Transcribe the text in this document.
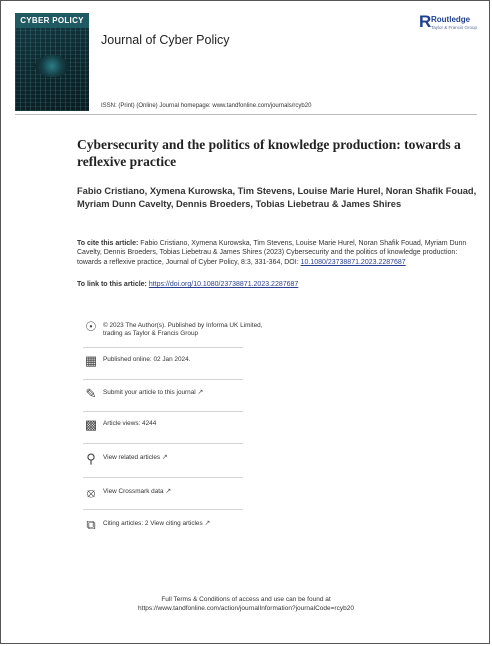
CYBER POLICY
Journal of Cyber Policy
R Routledge
Taylor & Francis Group
ISSN: (Print) (Online) Journal homepage: www.tandfonline.com/journals/rcyb20
Cybersecurity and the politics of knowledge production: towards a reflexive practice
Fabio Cristiano, Xymena Kurowska, Tim Stevens, Louise Marie Hurel, Noran Shafik Fouad, Myriam Dunn Cavelty, Dennis Broeders, Tobias Liebetrau & James Shires
To cite this article: Fabio Cristiano, Xymena Kurowska, Tim Stevens, Louise Marie Hurel, Noran Shafik Fouad, Myriam Dunn Cavelty, Dennis Broeders, Tobias Liebetrau & James Shires (2023) Cybersecurity and the politics of knowledge production: towards a reflexive practice, Journal of Cyber Policy, 8:3, 331-364, DOI: 10.1080/23738871.2023.2287687
To link to this article: https://doi.org/10.1080/23738871.2023.2287687
☉ © 2023 The Author(s). Published by Informa UK Limited, trading as Taylor & Francis Group
▦ Published online: 02 Jan 2024.
✎	Submit your article to this journal ↗
▩ Article views: 4244
⚲	View related articles ↗
⦻	View Crossmark data ↗
⧉	Citing articles: 2 View citing articles ↗
Full Terms & Conditions of access and use can be found at
https://www.tandfonline.com/action/journalInformation?journalCode=rcyb20
